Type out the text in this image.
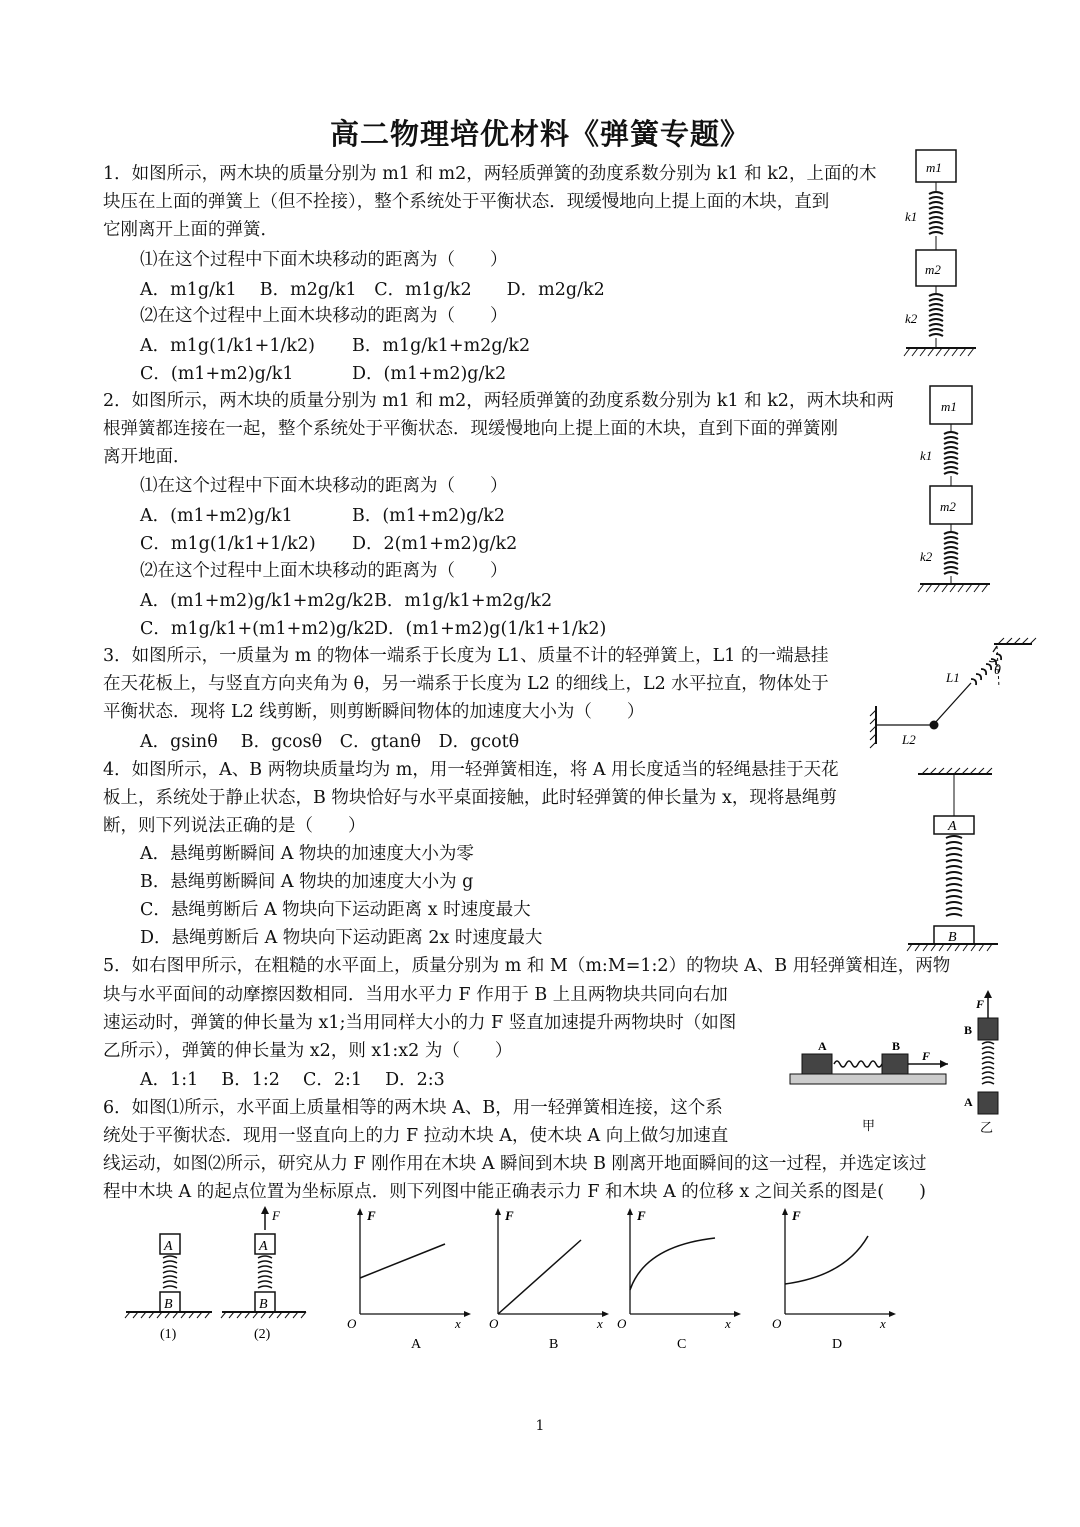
高二物理培优材料《弹簧专题》
1．如图所示，两木块的质量分别为 m1 和 m2，两轻质弹簧的劲度系数分别为 k1 和 k2，上面的木
块压在上面的弹簧上（但不拴接），整个系统处于平衡状态．现缓慢地向上提上面的木块，直到
它刚离开上面的弹簧．
⑴在这个过程中下面木块移动的距离为（　　）
A．m1g/k1　 B．m2g/k1　C．m1g/k2　　D．m2g/k2
⑵在这个过程中上面木块移动的距离为（　　）
A．m1g(1/k1+1/k2) B．m1g/k1+m2g/k2
C．(m1+m2)g/k1	D．(m1+m2)g/k2
2．如图所示，两木块的质量分别为 m1 和 m2，两轻质弹簧的劲度系数分别为 k1 和 k2，两木块和两
根弹簧都连接在一起，整个系统处于平衡状态．现缓慢地向上提上面的木块，直到下面的弹簧刚
离开地面．
⑴在这个过程中下面木块移动的距离为（　　）
A．(m1+m2)g/k1	B．(m1+m2)g/k2
C．m1g(1/k1+1/k2) D．2(m1+m2)g/k2
⑵在这个过程中上面木块移动的距离为（　　）
A．(m1+m2)g/k1+m2g/k2 B．m1g/k1+m2g/k2
C．m1g/k1+(m1+m2)g/k2 D．(m1+m2)g(1/k1+1/k2)
3．如图所示，一质量为 m 的物体一端系于长度为 L1、质量不计的轻弹簧上，L1 的一端悬挂
在天花板上，与竖直方向夹角为 θ，另一端系于长度为 L2 的细线上，L2 水平拉直，物体处于
平衡状态．现将 L2 线剪断，则剪断瞬间物体的加速度大小为（　　）
A．gsinθ　 B．gcosθ　C．gtanθ　D．gcotθ
4．如图所示，A、B 两物块质量均为 m，用一轻弹簧相连，将 A 用长度适当的轻绳悬挂于天花
板上，系统处于静止状态，B 物块恰好与水平桌面接触，此时轻弹簧的伸长量为 x，现将悬绳剪
断，则下列说法正确的是（　　）
A．悬绳剪断瞬间 A 物块的加速度大小为零
B．悬绳剪断瞬间 A 物块的加速度大小为 g
C．悬绳剪断后 A 物块向下运动距离 x 时速度最大
D．悬绳剪断后 A 物块向下运动距离 2x 时速度最大
5．如右图甲所示，在粗糙的水平面上，质量分别为 m 和 M（m:M=1:2）的物块 A、B 用轻弹簧相连，两物
块与水平面间的动摩擦因数相同．当用水平力 F 作用于 B 上且两物块共同向右加
速运动时，弹簧的伸长量为 x1;当用同样大小的力 F 竖直加速提升两物块时（如图
乙所示），弹簧的伸长量为 x2，则 x1:x2 为（　　）
A．1:1　 B．1:2　 C．2:1　 D．2:3
6．如图⑴所示，水平面上质量相等的两木块 A、B，用一轻弹簧相连接，这个系
统处于平衡状态．现用一竖直向上的力 F 拉动木块 A，使木块 A 向上做匀加速直
线运动，如图⑵所示，研究从力 F 刚作用在木块 A 瞬间到木块 B 刚离开地面瞬间的这一过程，并选定该过
程中木块 A 的起点位置为坐标原点．则下列图中能正确表示力 F 和木块 A 的位移 x 之间关系的图是(　　)
m1
k1
m2
k2
m1
k1
m2
k2
θ
L1
L2
A
B
A	B
F
甲
F
B
A
乙
A
B
(1)
F
A
B
(2)
F
O	x
A
F
O	x
B
F
O	x
C
F
O	x
D
1
